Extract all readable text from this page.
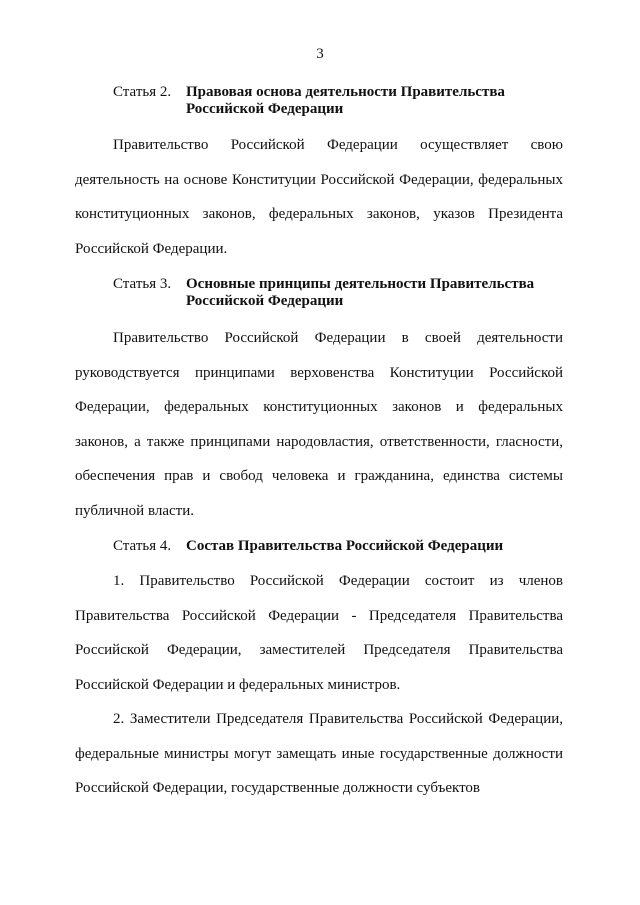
3
Статья 2. Правовая основа деятельности Правительства Российской Федерации
Правительство Российской Федерации осуществляет свою деятельность на основе Конституции Российской Федерации, федеральных конституционных законов, федеральных законов, указов Президента Российской Федерации.
Статья 3. Основные принципы деятельности Правительства Российской Федерации
Правительство Российской Федерации в своей деятельности руководствуется принципами верховенства Конституции Российской Федерации, федеральных конституционных законов и федеральных законов, а также принципами народовластия, ответственности, гласности, обеспечения прав и свобод человека и гражданина, единства системы публичной власти.
Статья 4. Состав Правительства Российской Федерации
1. Правительство Российской Федерации состоит из членов Правительства Российской Федерации - Председателя Правительства Российской Федерации, заместителей Председателя Правительства Российской Федерации и федеральных министров.
2. Заместители Председателя Правительства Российской Федерации, федеральные министры могут замещать иные государственные должности Российской Федерации, государственные должности субъектов
